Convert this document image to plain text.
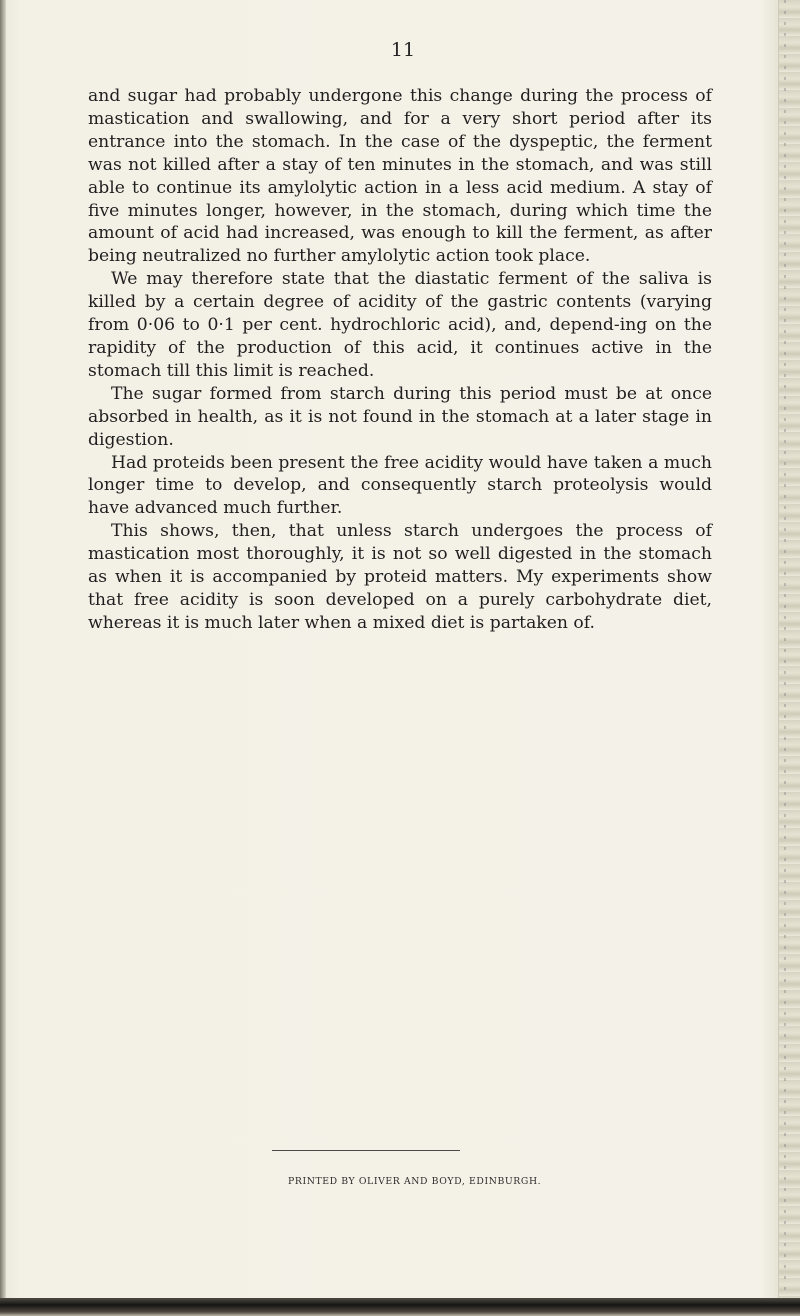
11

and sugar had probably undergone this change during the process of mastication and swallowing, and for a very short period after its entrance into the stomach. In the case of the dyspeptic, the ferment was not killed after a stay of ten minutes in the stomach, and was still able to continue its amylolytic action in a less acid medium. A stay of five minutes longer, however, in the stomach, during which time the amount of acid had increased, was enough to kill the ferment, as after being neutralized no further amylolytic action took place.

We may therefore state that the diastatic ferment of the saliva is killed by a certain degree of acidity of the gastric contents (varying from 0·06 to 0·1 per cent. hydrochloric acid), and, depend-ing on the rapidity of the production of this acid, it continues active in the stomach till this limit is reached.

The sugar formed from starch during this period must be at once absorbed in health, as it is not found in the stomach at a later stage in digestion.

Had proteids been present the free acidity would have taken a much longer time to develop, and consequently starch proteolysis would have advanced much further.

This shows, then, that unless starch undergoes the process of mastication most thoroughly, it is not so well digested in the stomach as when it is accompanied by proteid matters. My experiments show that free acidity is soon developed on a purely carbohydrate diet, whereas it is much later when a mixed diet is partaken of.

PRINTED BY OLIVER AND BOYD, EDINBURGH.
